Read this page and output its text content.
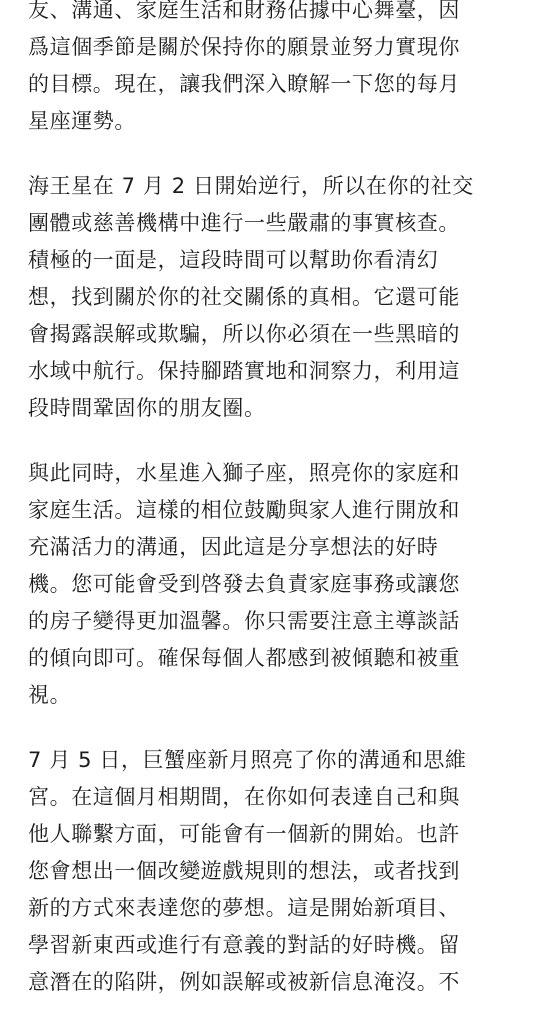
友、溝通、家庭生活和財務佔據中心舞臺，因
爲這個季節是關於保持你的願景並努力實現你
的目標。現在，讓我們深入瞭解一下您的每月
星座運勢。

海王星在 7 月 2 日開始逆行，所以在你的社交
團體或慈善機構中進行一些嚴肅的事實核查。
積極的一面是，這段時間可以幫助你看清幻
想，找到關於你的社交關係的真相。它還可能
會揭露誤解或欺騙，所以你必須在一些黑暗的
水域中航行。保持腳踏實地和洞察力，利用這
段時間鞏固你的朋友圈。

與此同時，水星進入獅子座，照亮你的家庭和
家庭生活。這樣的相位鼓勵與家人進行開放和
充滿活力的溝通，因此這是分享想法的好時
機。您可能會受到啓發去負責家庭事務或讓您
的房子變得更加溫馨。你只需要注意主導談話
的傾向即可。確保每個人都感到被傾聽和被重
視。

7 月 5 日，巨蟹座新月照亮了你的溝通和思維
宮。在這個月相期間，在你如何表達自己和與
他人聯繫方面，可能會有一個新的開始。也許
您會想出一個改變遊戲規則的想法，或者找到
新的方式來表達您的夢想。這是開始新項目、
學習新東西或進行有意義的對話的好時機。留
意潛在的陷阱，例如誤解或被新信息淹沒。不
